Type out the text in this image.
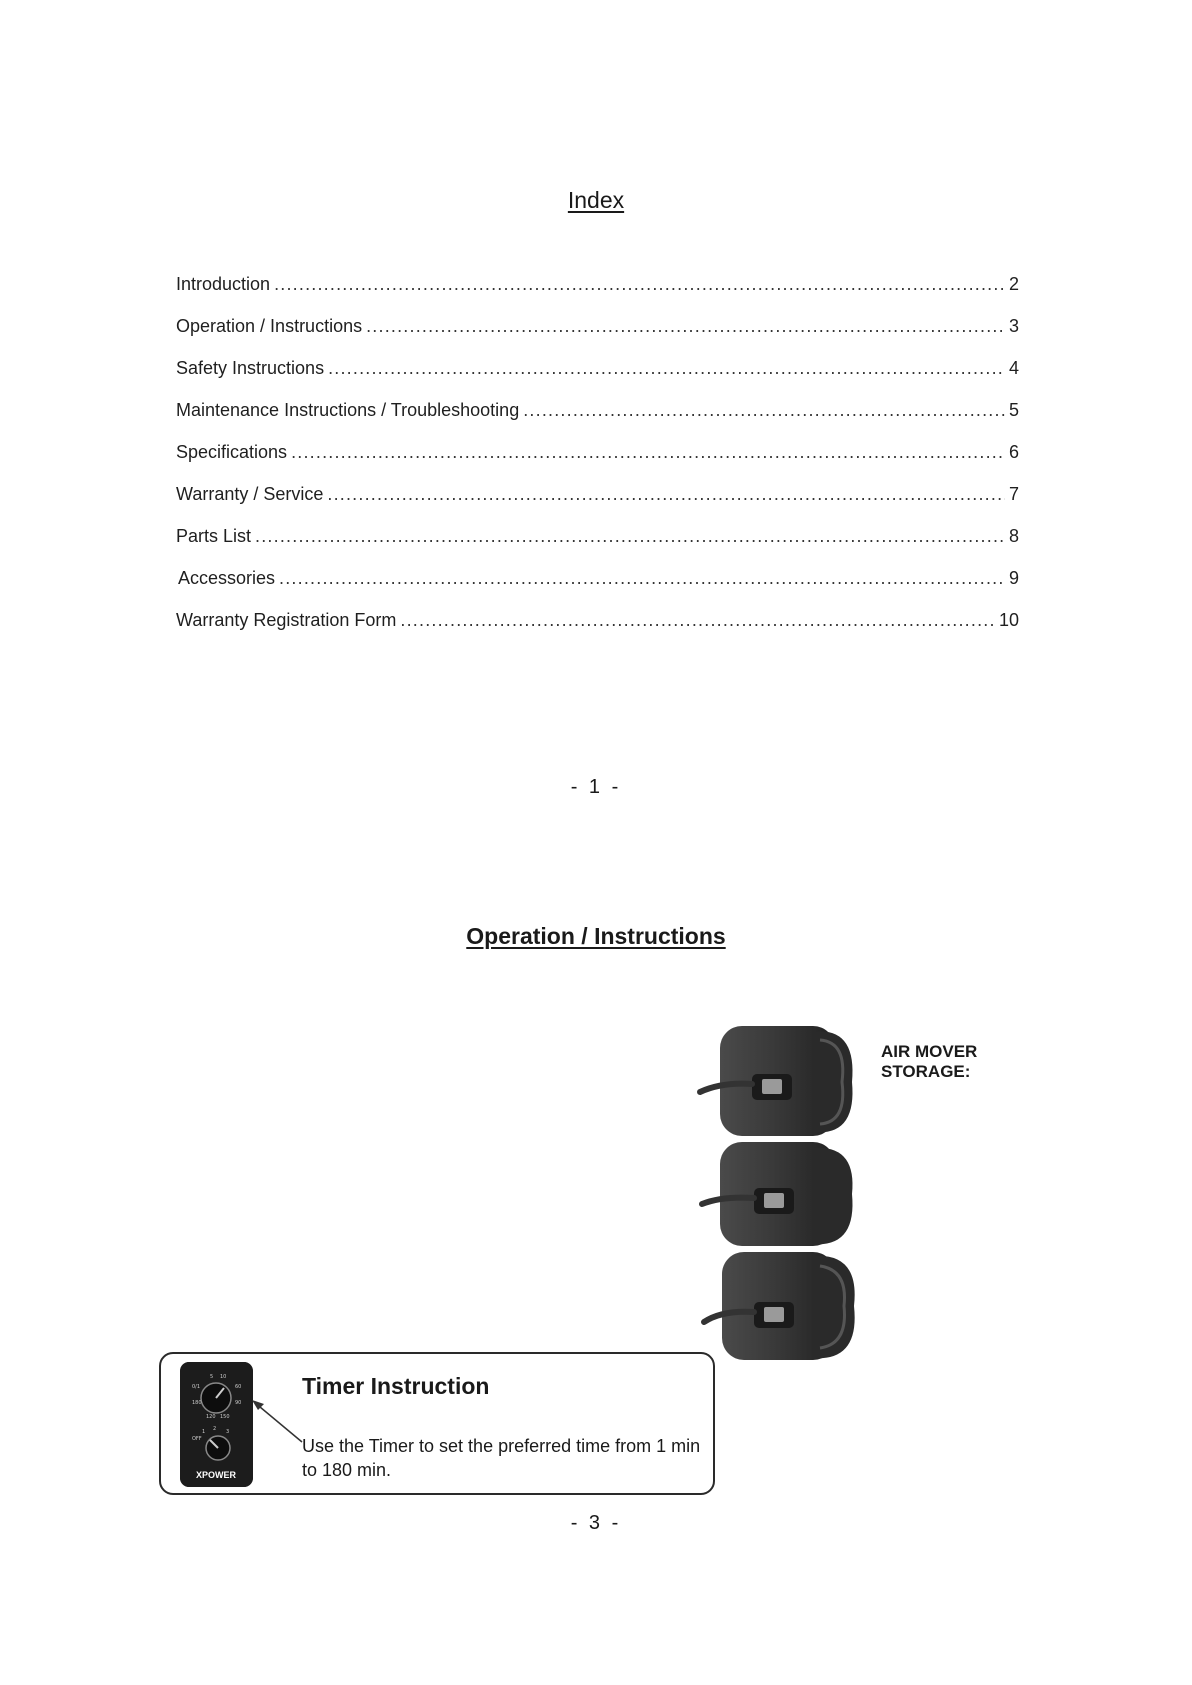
Index
Introduction .....	2
Operation / Instructions .....	3
Safety Instructions .....	4
Maintenance Instructions / Troubleshooting .....	5
Specifications .....	6
Warranty / Service .....	7
Parts List .....	8
Accessories .....	9
Warranty Registration Form .....	10
- 1 -
Operation / Instructions
AIR MOVER
STORAGE:
5 10
0/1	60
180	90
120 150
2
1	3
OFF
XPOWER
Timer Instruction
Use the Timer to set the preferred time from 1 min to 180 min.
- 3 -
